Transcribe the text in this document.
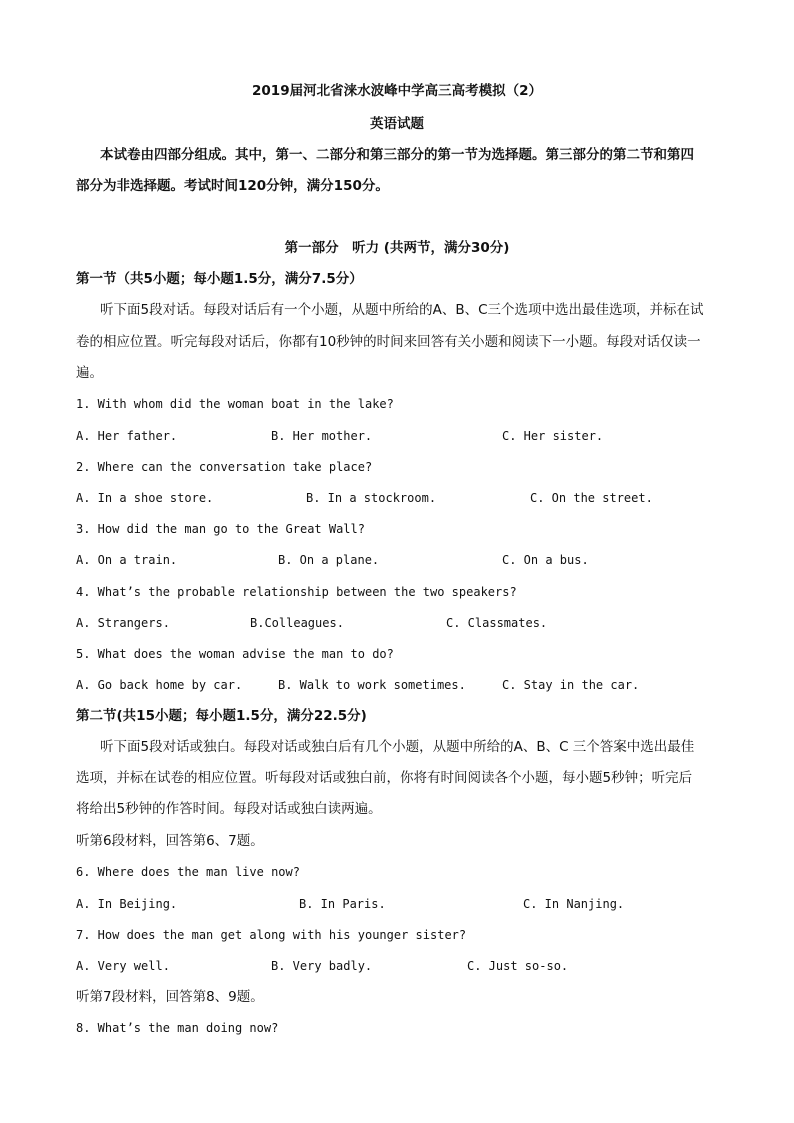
2019届河北省涞水波峰中学高三高考模拟（2）
英语试题
本试卷由四部分组成。其中，第一、二部分和第三部分的第一节为选择题。第三部分的第二节和第四
部分为非选择题。考试时间120分钟，满分150分。
第一部分　听力 (共两节，满分30分)
第一节（共5小题；每小题1.5分，满分7.5分）
听下面5段对话。每段对话后有一个小题，从题中所给的A、B、C三个选项中选出最佳选项，并标在试
卷的相应位置。听完每段对话后，你都有10秒钟的时间来回答有关小题和阅读下一小题。每段对话仅读一
遍。
1. With whom did the woman boat in the lake?
A. Her father.	B. Her mother.	C. Her sister.
2. Where can the conversation take place?
A. In a shoe store.	B. In a stockroom.	C. On the street.
3. How did the man go to the Great Wall?
A. On a train.	B. On a plane.	C. On a bus.
4. What’s the probable relationship between the two speakers?
A. Strangers.	B.Colleagues.	C. Classmates.
5. What does the woman advise the man to do?
A. Go back home by car.	B. Walk to work sometimes.	C. Stay in the car.
第二节(共15小题；每小题1.5分，满分22.5分)
听下面5段对话或独白。每段对话或独白后有几个小题，从题中所给的A、B、C 三个答案中选出最佳
选项，并标在试卷的相应位置。听每段对话或独白前，你将有时间阅读各个小题，每小题5秒钟；听完后
将给出5秒钟的作答时间。每段对话或独白读两遍。
听第6段材料，回答第6、7题。
6. Where does the man live now?
A. In Beijing.	B. In Paris.	C. In Nanjing.
7. How does the man get along with his younger sister?
A. Very well.	B. Very badly.	C. Just so-so.
听第7段材料，回答第8、9题。
8. What’s the man doing now?
